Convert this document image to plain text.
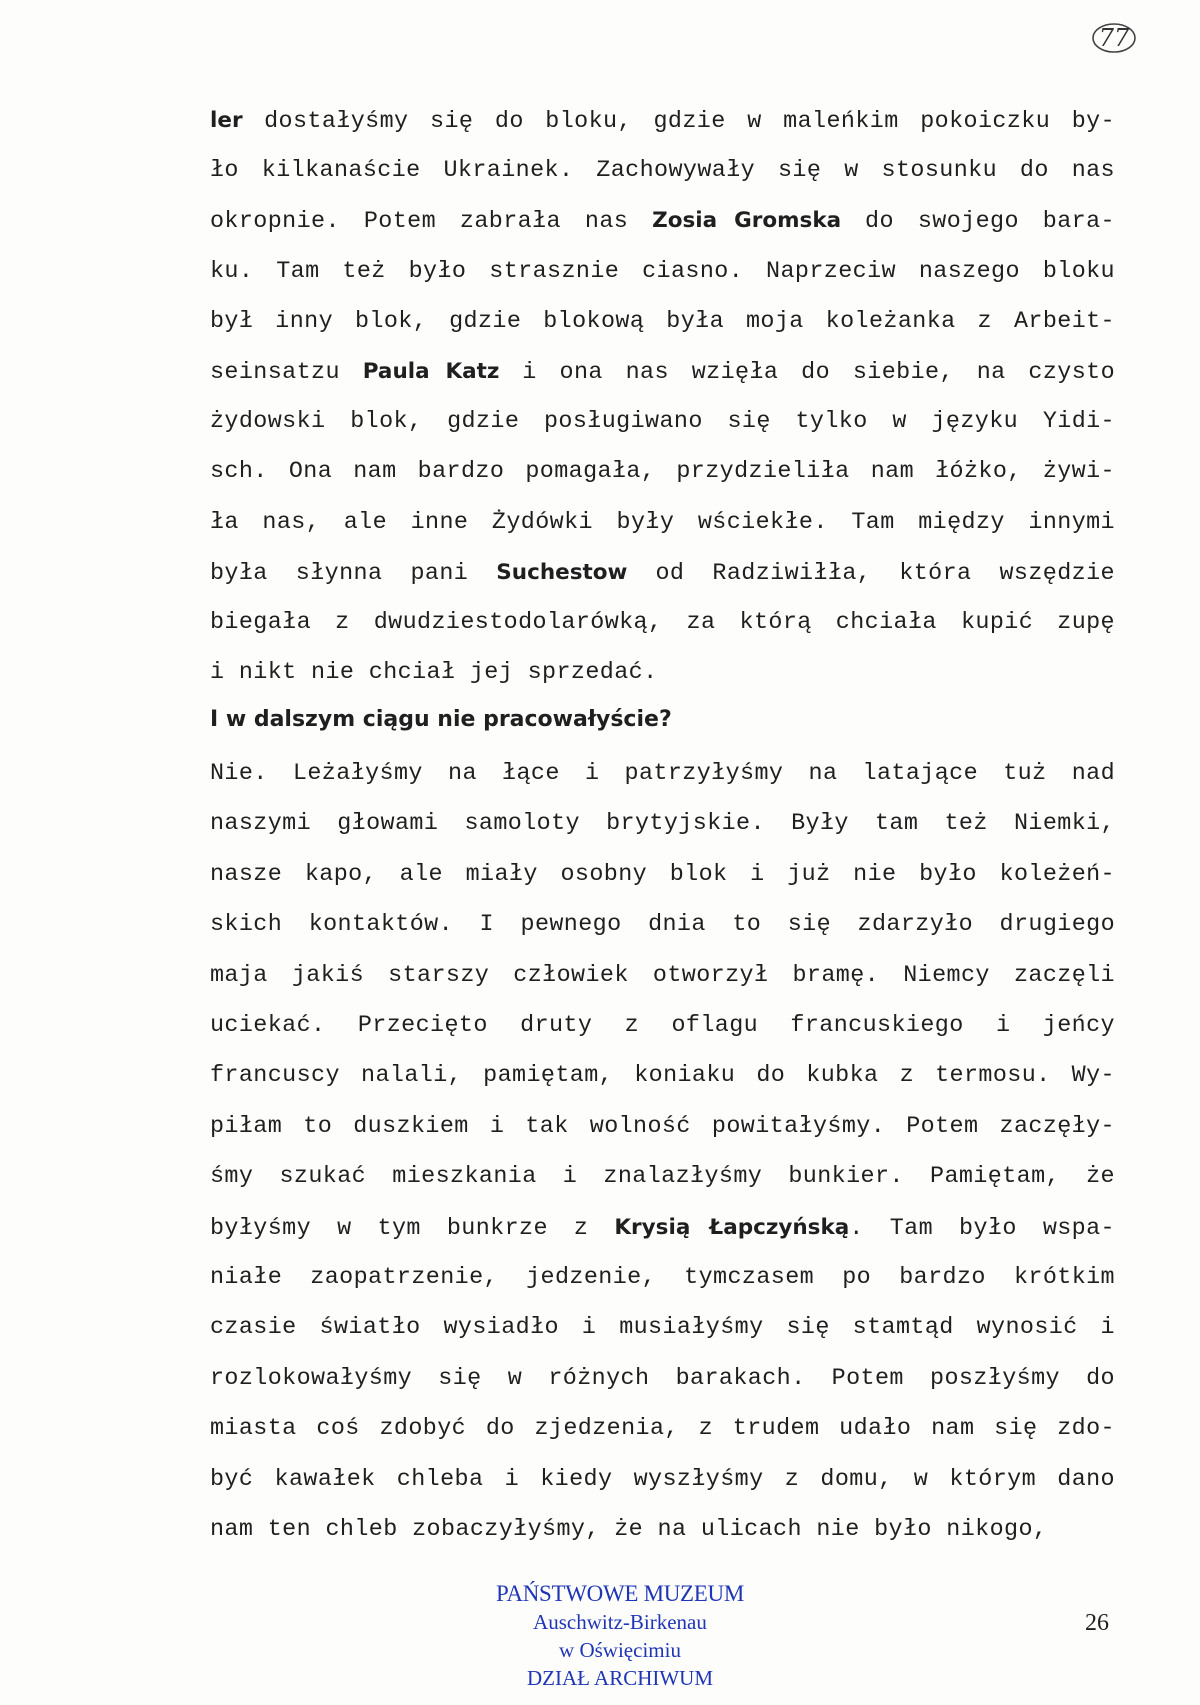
77
ler dostałyśmy się do bloku, gdzie w maleńkim pokoiczku by-
ło kilkanaście Ukrainek. Zachowywały się w stosunku do nas
okropnie. Potem zabrała nas Zosia Gromska do swojego bara-
ku. Tam też było strasznie ciasno. Naprzeciw naszego bloku
był inny blok, gdzie blokową była moja koleżanka z Arbeit-
seinsatzu Paula Katz i ona nas wzięła do siebie, na czysto
żydowski blok, gdzie posługiwano się tylko w języku Yidi-
sch. Ona nam bardzo pomagała, przydzieliła nam łóżko, żywi-
ła nas, ale inne Żydówki były wściekłe. Tam między innymi
była słynna pani Suchestow od Radziwiłła, która wszędzie
biegała z dwudziestodolarówką, za którą chciała kupić zupę
i nikt nie chciał jej sprzedać.
I w dalszym ciągu nie pracowałyście?
Nie. Leżałyśmy na łące i patrzyłyśmy na latające tuż nad
naszymi głowami samoloty brytyjskie. Były tam też Niemki,
nasze kapo, ale miały osobny blok i już nie było koleżeń-
skich kontaktów. I pewnego dnia to się zdarzyło drugiego
maja jakiś starszy człowiek otworzył bramę. Niemcy zaczęli
uciekać. Przecięto druty z oflagu francuskiego i jeńcy
francuscy nalali, pamiętam, koniaku do kubka z termosu. Wy-
piłam to duszkiem i tak wolność powitałyśmy. Potem zaczęły-
śmy szukać mieszkania i znalazłyśmy bunkier. Pamiętam, że
byłyśmy w tym bunkrze z Krysią Łapczyńską. Tam było wspa-
niałe zaopatrzenie, jedzenie, tymczasem po bardzo krótkim
czasie światło wysiadło i musiałyśmy się stamtąd wynosić i
rozlokowałyśmy się w różnych barakach. Potem poszłyśmy do
miasta coś zdobyć do zjedzenia, z trudem udało nam się zdo-
być kawałek chleba i kiedy wyszłyśmy z domu, w którym dano
nam ten chleb zobaczyłyśmy, że na ulicach nie było nikogo,
PAŃSTWOWE MUZEUM
Auschwitz-Birkenau
w Oświęcimiu
DZIAŁ ARCHIWUM
26
